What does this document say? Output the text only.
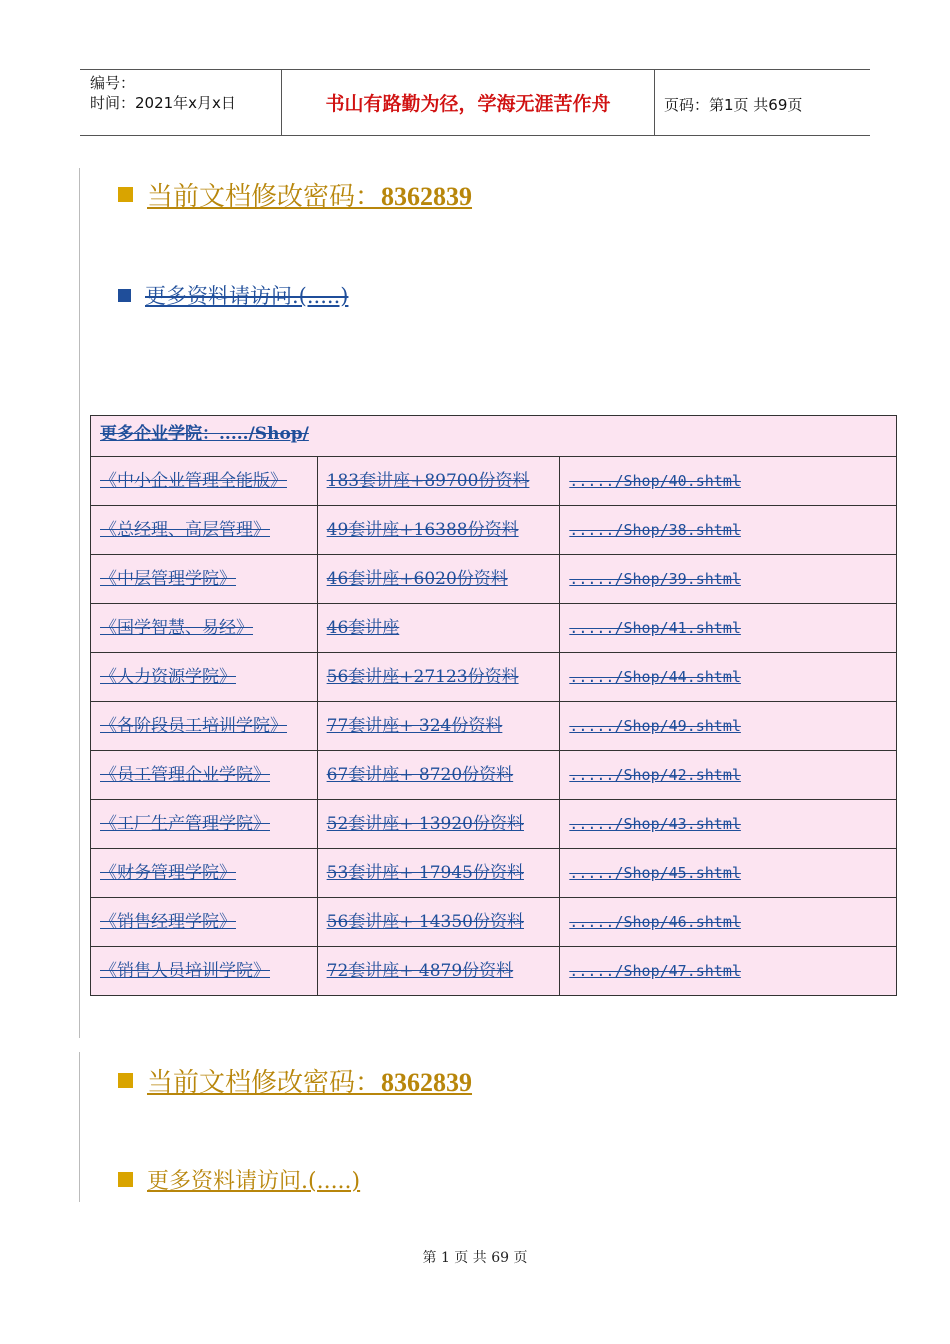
编号：
时间：2021年x月x日	书山有路勤为径，学海无涯苦作舟	页码：第1页 共69页
当前文档修改密码：8362839
更多资料请访问.(.....)
更多企业学院：...../Shop/		
《中小企业管理全能版》	183套讲座+89700份资料	...../Shop/40.shtml
《总经理、高层管理》	49套讲座+16388份资料	...../Shop/38.shtml
《中层管理学院》	46套讲座+6020份资料	...../Shop/39.shtml
《国学智慧、易经》	46套讲座	...../Shop/41.shtml
《人力资源学院》	56套讲座+27123份资料	...../Shop/44.shtml
《各阶段员工培训学院》	77套讲座+ 324份资料	...../Shop/49.shtml
《员工管理企业学院》	67套讲座+ 8720份资料	...../Shop/42.shtml
《工厂生产管理学院》	52套讲座+ 13920份资料	...../Shop/43.shtml
《财务管理学院》	53套讲座+ 17945份资料	...../Shop/45.shtml
《销售经理学院》	56套讲座+ 14350份资料	...../Shop/46.shtml
《销售人员培训学院》	72套讲座+ 4879份资料	...../Shop/47.shtml
当前文档修改密码：8362839
更多资料请访问.(.....)
第 1 页 共 69 页
